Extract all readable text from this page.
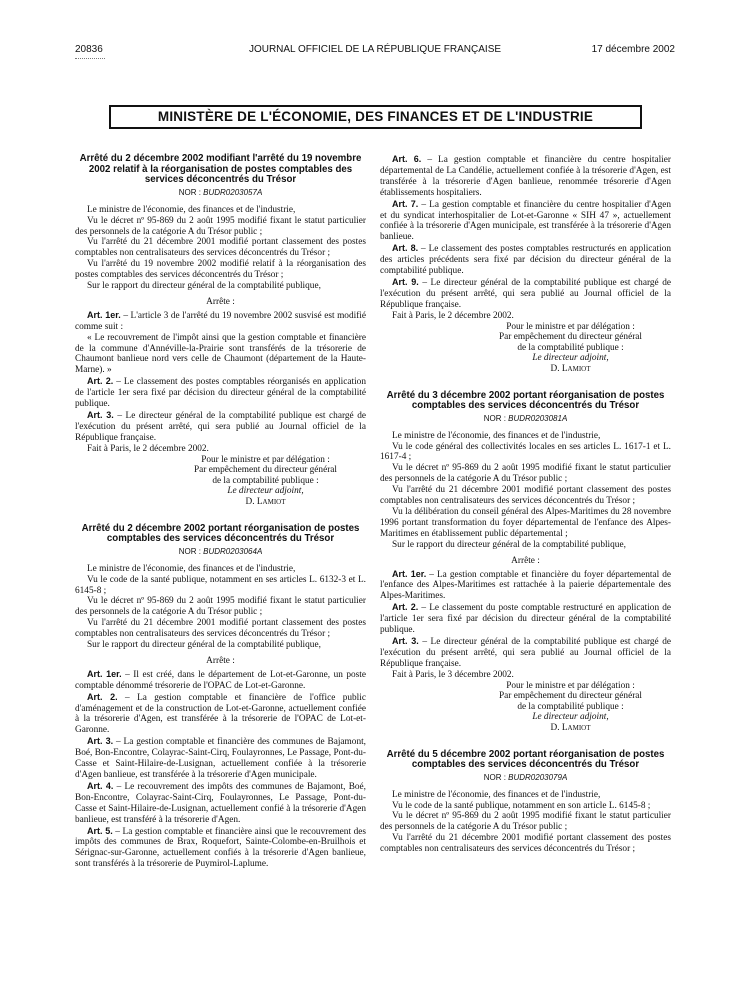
20836	JOURNAL OFFICIEL DE LA RÉPUBLIQUE FRANÇAISE	17 décembre 2002
MINISTÈRE DE L'ÉCONOMIE, DES FINANCES ET DE L'INDUSTRIE
Arrêté du 2 décembre 2002 modifiant l'arrêté du 19 novembre 2002 relatif à la réorganisation de postes comptables des services déconcentrés du Trésor
NOR : BUDR0203057A

Le ministre de l'économie, des finances et de l'industrie,

Vu le décret nº 95-869 du 2 août 1995 modifié fixant le statut particulier des personnels de la catégorie A du Trésor public ;

Vu l'arrêté du 21 décembre 2001 modifié portant classement des postes comptables non centralisateurs des services déconcentrés du Trésor ;

Vu l'arrêté du 19 novembre 2002 modifié relatif à la réorganisation des postes comptables des services déconcentrés du Trésor ;

Sur le rapport du directeur général de la comptabilité publique,

Arrête :

Art. 1er. – L'article 3 de l'arrêté du 19 novembre 2002 susvisé est modifié comme suit :

« Le recouvrement de l'impôt ainsi que la gestion comptable et financière de la commune d'Annéville-la-Prairie sont transférés de la trésorerie de Chaumont banlieue nord vers celle de Chaumont (département de la Haute-Marne). »

Art. 2. – Le classement des postes comptables réorganisés en application de l'article 1er sera fixé par décision du directeur général de la comptabilité publique.

Art. 3. – Le directeur général de la comptabilité publique est chargé de l'exécution du présent arrêté, qui sera publié au Journal officiel de la République française.

Fait à Paris, le 2 décembre 2002.

Pour le ministre et par délégation :
Par empêchement du directeur général
de la comptabilité publique :
Le directeur adjoint,
D. Lamiot
Arrêté du 2 décembre 2002 portant réorganisation de postes comptables des services déconcentrés du Trésor
NOR : BUDR0203064A

Le ministre de l'économie, des finances et de l'industrie,

Vu le code de la santé publique, notamment en ses articles L. 6132-3 et L. 6145-8 ;

Vu le décret nº 95-869 du 2 août 1995 modifié fixant le statut particulier des personnels de la catégorie A du Trésor public ;

Vu l'arrêté du 21 décembre 2001 modifié portant classement des postes comptables non centralisateurs des services déconcentrés du Trésor ;

Sur le rapport du directeur général de la comptabilité publique,

Arrête :

Art. 1er. – Il est créé, dans le département de Lot-et-Garonne, un poste comptable dénommé trésorerie de l'OPAC de Lot-et-Garonne.

Art. 2. – La gestion comptable et financière de l'office public d'aménagement et de la construction de Lot-et-Garonne, actuellement confiée à la trésorerie d'Agen, est transférée à la trésorerie de l'OPAC de Lot-et-Garonne.

Art. 3. – La gestion comptable et financière des communes de Bajamont, Boé, Bon-Encontre, Colayrac-Saint-Cirq, Foulayronnes, Le Passage, Pont-du-Casse et Saint-Hilaire-de-Lusignan, actuellement confiée à la trésorerie d'Agen banlieue, est transférée à la trésorerie d'Agen municipale.

Art. 4. – Le recouvrement des impôts des communes de Bajamont, Boé, Bon-Encontre, Colayrac-Saint-Cirq, Foulayronnes, Le Passage, Pont-du-Casse et Saint-Hilaire-de-Lusignan, actuellement confié à la trésorerie d'Agen banlieue, est transféré à la trésorerie d'Agen.

Art. 5. – La gestion comptable et financière ainsi que le recouvrement des impôts des communes de Brax, Roquefort, Sainte-Colombe-en-Bruilhois et Sérignac-sur-Garonne, actuellement confiés à la trésorerie d'Agen banlieue, sont transférés à la trésorerie de Puymirol-Laplume.

Art. 6. – La gestion comptable et financière du centre hospitalier départemental de La Candélie, actuellement confiée à la trésorerie d'Agen, est transférée à la trésorerie d'Agen banlieue, renommée trésorerie d'Agen établissements hospitaliers.

Art. 7. – La gestion comptable et financière du centre hospitalier d'Agen et du syndicat interhospitalier de Lot-et-Garonne « SIH 47 », actuellement confiée à la trésorerie d'Agen municipale, est transférée à la trésorerie d'Agen banlieue.

Art. 8. – Le classement des postes comptables restructurés en application des articles précédents sera fixé par décision du directeur général de la comptabilité publique.

Art. 9. – Le directeur général de la comptabilité publique est chargé de l'exécution du présent arrêté, qui sera publié au Journal officiel de la République française.

Fait à Paris, le 2 décembre 2002.

Pour le ministre et par délégation :
Par empêchement du directeur général
de la comptabilité publique :
Le directeur adjoint,
D. Lamiot
Arrêté du 3 décembre 2002 portant réorganisation de postes comptables des services déconcentrés du Trésor
NOR : BUDR0203081A

Le ministre de l'économie, des finances et de l'industrie,

Vu le code général des collectivités locales en ses articles L. 1617-1 et L. 1617-4 ;

Vu le décret nº 95-869 du 2 août 1995 modifié fixant le statut particulier des personnels de la catégorie A du Trésor public ;

Vu l'arrêté du 21 décembre 2001 modifié portant classement des postes comptables non centralisateurs des services déconcentrés du Trésor ;

Vu la délibération du conseil général des Alpes-Maritimes du 28 novembre 1996 portant transformation du foyer départemental de l'enfance des Alpes-Maritimes en établissement public départemental ;

Sur le rapport du directeur général de la comptabilité publique,

Arrête :

Art. 1er. – La gestion comptable et financière du foyer départemental de l'enfance des Alpes-Maritimes est rattachée à la paierie départementale des Alpes-Maritimes.

Art. 2. – Le classement du poste comptable restructuré en application de l'article 1er sera fixé par décision du directeur général de la comptabilité publique.

Art. 3. – Le directeur général de la comptabilité publique est chargé de l'exécution du présent arrêté, qui sera publié au Journal officiel de la République française.

Fait à Paris, le 3 décembre 2002.

Pour le ministre et par délégation :
Par empêchement du directeur général
de la comptabilité publique :
Le directeur adjoint,
D. Lamiot
Arrêté du 5 décembre 2002 portant réorganisation de postes comptables des services déconcentrés du Trésor
NOR : BUDR0203079A

Le ministre de l'économie, des finances et de l'industrie,

Vu le code de la santé publique, notamment en son article L. 6145-8 ;

Vu le décret nº 95-869 du 2 août 1995 modifié fixant le statut particulier des personnels de la catégorie A du Trésor public ;

Vu l'arrêté du 21 décembre 2001 modifié portant classement des postes comptables non centralisateurs des services déconcentrés du Trésor ;
